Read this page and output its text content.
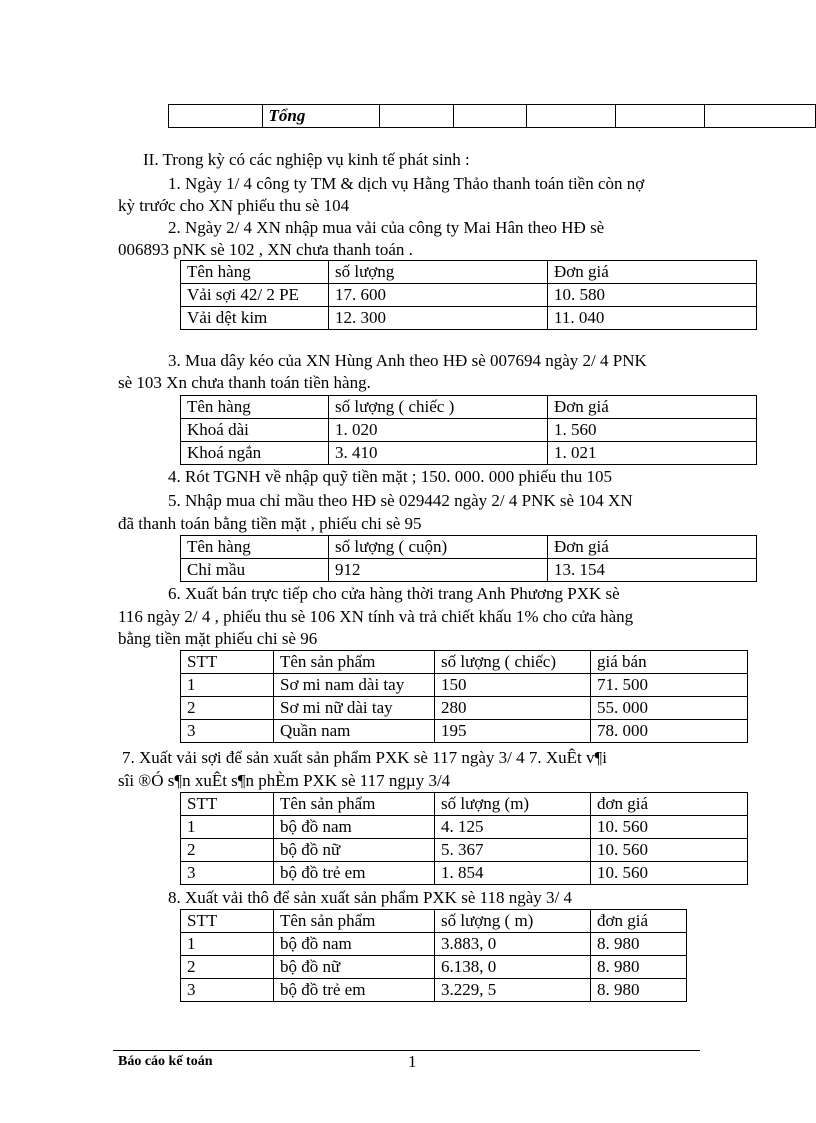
	Tổng					
II. Trong kỳ có các nghiệp vụ kinh tế phát sinh :
1. Ngày 1/ 4 công ty TM & dịch vụ Hằng Thảo thanh toán tiền còn nợ
kỳ trước cho XN phiếu thu sè 104
2. Ngày 2/ 4 XN nhập mua vải của công ty Mai Hân theo HĐ sè
006893 pNK sè 102 , XN chưa thanh toán .
Tên hàng	số lượng	Đơn giá
Vải sợi 42/ 2 PE	17. 600	10. 580
Vải dệt kim	12. 300	11. 040
3. Mua dây kéo của XN Hùng Anh theo HĐ sè 007694 ngày 2/ 4 PNK
sè 103 Xn chưa thanh toán tiền hàng.
Tên hàng	số lượng ( chiếc )	Đơn giá
Khoá dài	1. 020	1. 560
Khoá ngắn	3. 410	1. 021
4. Rót TGNH về nhập quỹ tiền mặt ; 150. 000. 000 phiếu thu 105
5. Nhập mua chỉ mầu theo HĐ sè 029442 ngày 2/ 4 PNK sè 104 XN
đã thanh toán bằng tiền mặt , phiếu chi sè 95
Tên hàng	số lượng ( cuộn)	Đơn giá
Chỉ mầu	912	13. 154
6. Xuất bán trực tiếp cho cửa hàng thời trang Anh Phương PXK sè
116 ngày 2/ 4 , phiếu thu sè 106 XN tính và trả chiết khấu 1% cho cửa hàng
bằng tiền mặt phiếu chi sè 96
STT	Tên sản phẩm	số lượng ( chiếc)	giá bán
1	Sơ mi nam dài tay	150	71. 500
2	Sơ mi nữ dài tay	280	55. 000
3	Quần nam	195	78. 000
7. Xuất vải sợi để sản xuất sản phẩm PXK sè 117 ngày 3/ 4 7. XuÊt v¶i
sîi ®Ó s¶n xuÊt s¶n phÈm PXK sè 117 ngµy 3/4
STT	Tên sản phẩm	số lượng (m)	đơn giá
1	bộ đồ nam	4. 125	10. 560
2	bộ đồ nữ	5. 367	10. 560
3	bộ đồ trẻ em	1. 854	10. 560
8. Xuất vải thô để sản xuất sản phẩm PXK sè 118 ngày 3/ 4
STT	Tên sản phẩm	số lượng ( m)	đơn giá
1	bộ đồ nam	3.883, 0	8. 980
2	bộ đồ nữ	6.138, 0	8. 980
3	bộ đồ trẻ em	3.229, 5	8. 980
Báo cáo kế toán	1
